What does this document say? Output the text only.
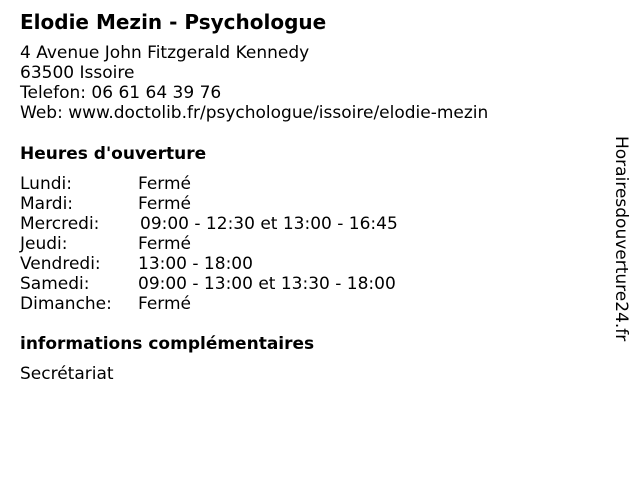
Elodie Mezin - Psychologue
4 Avenue John Fitzgerald Kennedy
63500 Issoire
Telefon: 06 61 64 39 76
Web: www.doctolib.fr/psychologue/issoire/elodie-mezin
Heures d'ouverture
Lundi:	Fermé
Mardi:	Fermé
Mercredi:	09:00 - 12:30 et 13:00 - 16:45
Jeudi:	Fermé
Vendredi:	13:00 - 18:00
Samedi:	09:00 - 13:00 et 13:30 - 18:00
Dimanche:	Fermé
informations complémentaires
Secrétariat
Horairesdouverture24.fr
